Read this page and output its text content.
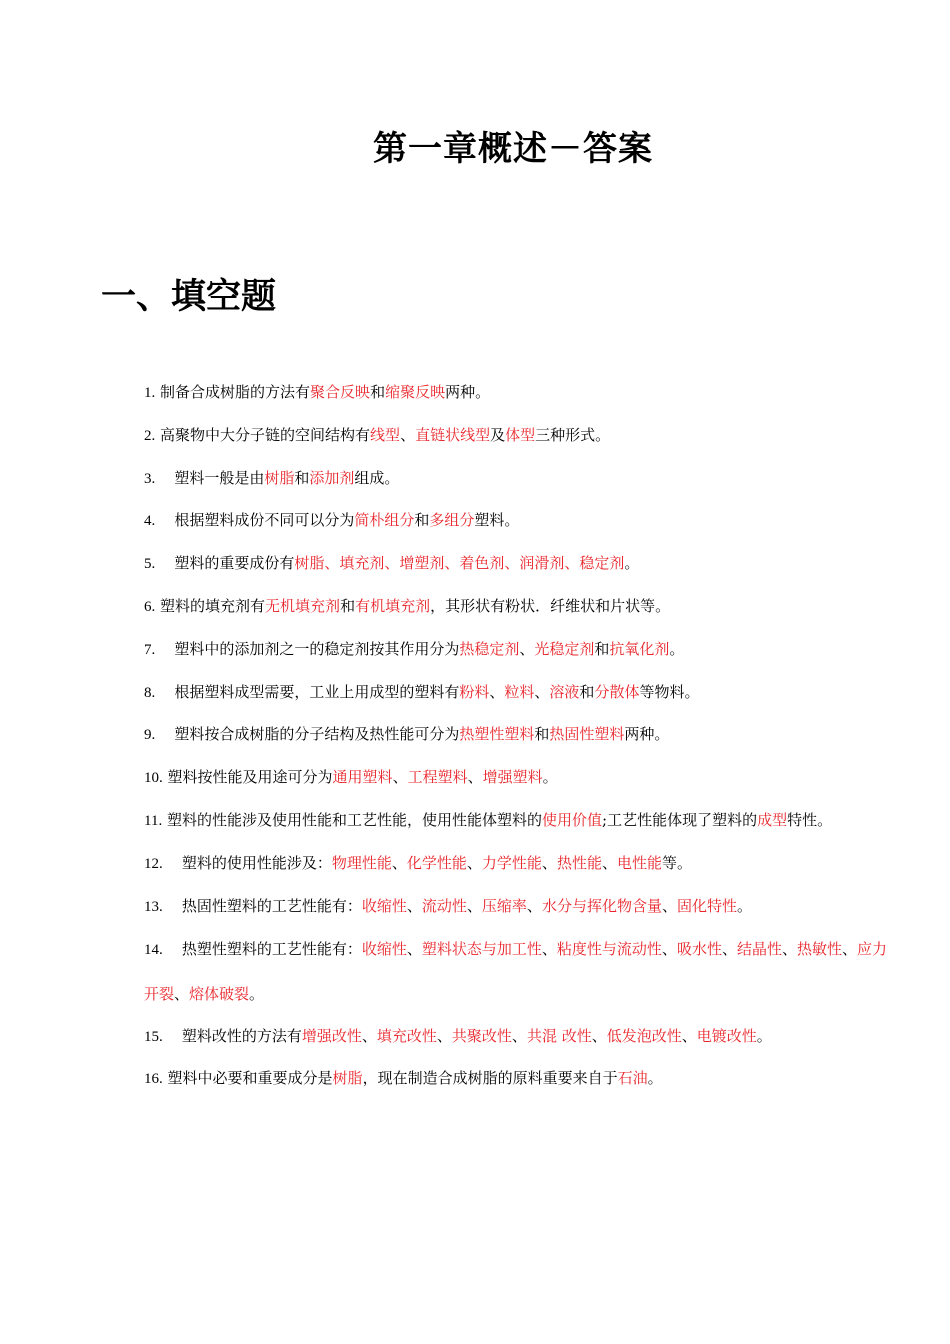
第一章概述－答案
一、填空题
1. 制备合成树脂的方法有聚合反映和缩聚反映两种。
2. 高聚物中大分子链的空间结构有线型、直链状线型及体型三种形式。
3. 塑料一般是由树脂和添加剂组成。
4. 根据塑料成份不同可以分为简朴组分和多组分塑料。
5. 塑料的重要成份有树脂、填充剂、增塑剂、着色剂、润滑剂、稳定剂。
6. 塑料的填充剂有无机填充剂和有机填充剂，其形状有粉状．纤维状和片状等。
7. 塑料中的添加剂之一的稳定剂按其作用分为热稳定剂、光稳定剂和抗氧化剂。
8. 根据塑料成型需要，工业上用成型的塑料有粉料、粒料、溶液和分散体等物料。
9. 塑料按合成树脂的分子结构及热性能可分为热塑性塑料和热固性塑料两种。
10. 塑料按性能及用途可分为通用塑料、工程塑料、增强塑料。
11. 塑料的性能涉及使用性能和工艺性能，使用性能体塑料的使用价值;工艺性能体现了塑料的成型特性。
12. 塑料的使用性能涉及：物理性能、化学性能、力学性能、热性能、电性能等。
13. 热固性塑料的工艺性能有：收缩性、流动性、压缩率、水分与挥化物含量、固化特性。
14. 热塑性塑料的工艺性能有：收缩性、塑料状态与加工性、粘度性与流动性、吸水性、结晶性、热敏性、应力开裂、熔体破裂。
15. 塑料改性的方法有增强改性、填充改性、共聚改性、共混 改性、低发泡改性、电镀改性。
16. 塑料中必要和重要成分是树脂，现在制造合成树脂的原料重要来自于石油。
